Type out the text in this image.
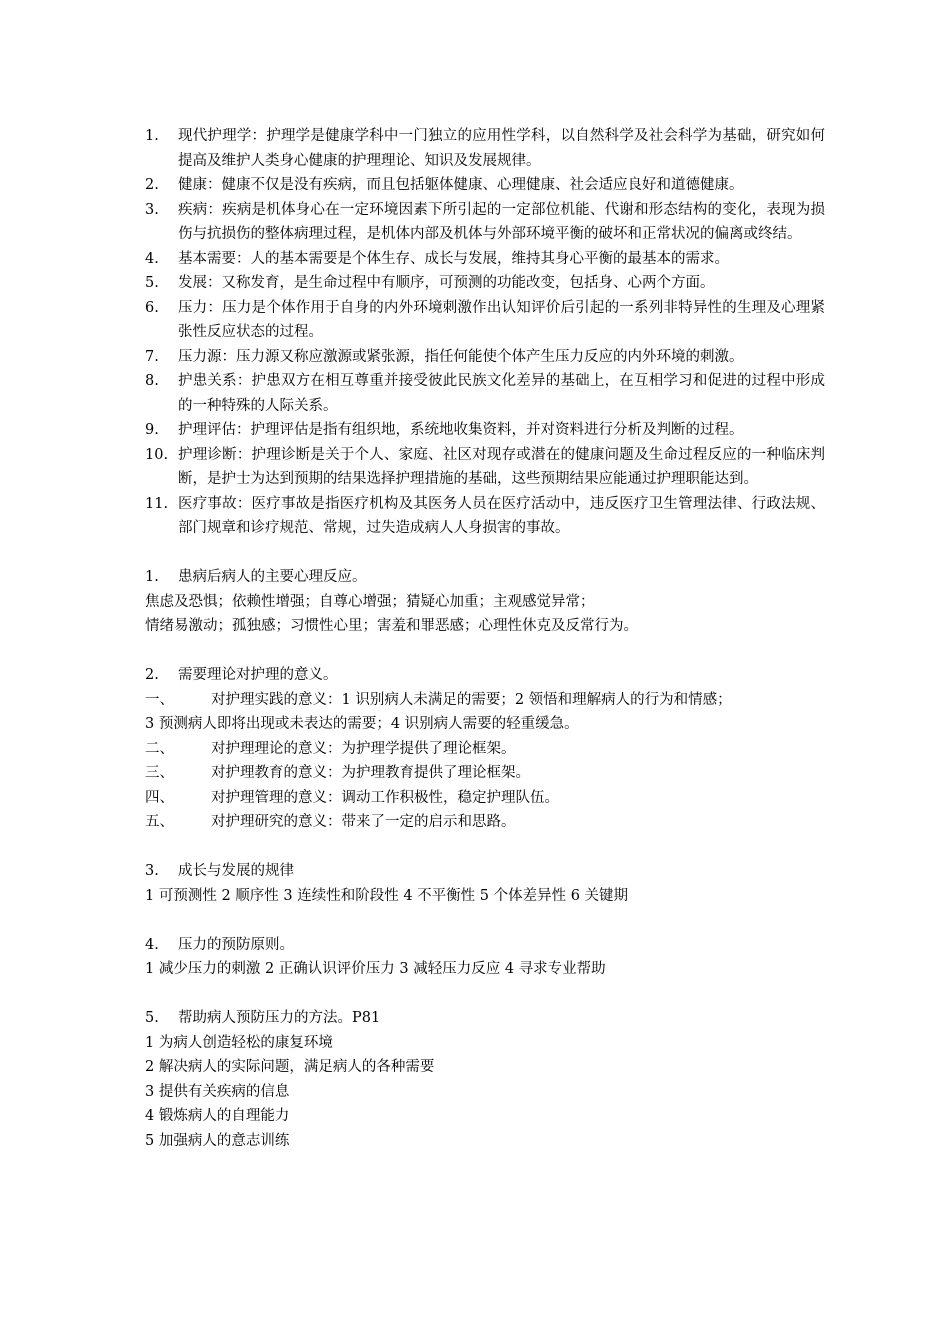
1.	现代护理学：护理学是健康学科中一门独立的应用性学科，以自然科学及社会科学为基础，研究如何提高及维护人类身心健康的护理理论、知识及发展规律。
2.	健康：健康不仅是没有疾病，而且包括躯体健康、心理健康、社会适应良好和道德健康。
3.	疾病：疾病是机体身心在一定环境因素下所引起的一定部位机能、代谢和形态结构的变化，表现为损伤与抗损伤的整体病理过程，是机体内部及机体与外部环境平衡的破坏和正常状况的偏离或终结。
4.	基本需要：人的基本需要是个体生存、成长与发展，维持其身心平衡的最基本的需求。
5.	发展：又称发育，是生命过程中有顺序，可预测的功能改变，包括身、心两个方面。
6.	压力：压力是个体作用于自身的内外环境刺激作出认知评价后引起的一系列非特异性的生理及心理紧张性反应状态的过程。
7.	压力源：压力源又称应激源或紧张源，指任何能使个体产生压力反应的内外环境的刺激。
8.	护患关系：护患双方在相互尊重并接受彼此民族文化差异的基础上，在互相学习和促进的过程中形成的一种特殊的人际关系。
9.	护理评估：护理评估是指有组织地，系统地收集资料，并对资料进行分析及判断的过程。
10. 护理诊断：护理诊断是关于个人、家庭、社区对现存或潜在的健康问题及生命过程反应的一种临床判断，是护士为达到预期的结果选择护理措施的基础，这些预期结果应能通过护理职能达到。
11. 医疗事故：医疗事故是指医疗机构及其医务人员在医疗活动中，违反医疗卫生管理法律、行政法规、部门规章和诊疗规范、常规，过失造成病人人身损害的事故。
1.	患病后病人的主要心理反应。
焦虑及恐惧；依赖性增强；自尊心增强；猜疑心加重；主观感觉异常；
情绪易激动；孤独感；习惯性心里；害羞和罪恶感；心理性休克及反常行为。
2.	需要理论对护理的意义。
一、	对护理实践的意义：1 识别病人未满足的需要；2 领悟和理解病人的行为和情感；
3 预测病人即将出现或未表达的需要；4 识别病人需要的轻重缓急。
二、	对护理理论的意义：为护理学提供了理论框架。
三、	对护理教育的意义：为护理教育提供了理论框架。
四、	对护理管理的意义：调动工作积极性，稳定护理队伍。
五、	对护理研究的意义：带来了一定的启示和思路。
3.	成长与发展的规律
1 可预测性 2 顺序性 3 连续性和阶段性 4 不平衡性 5 个体差异性 6 关键期
4.	压力的预防原则。
1 减少压力的刺激 2 正确认识评价压力 3 减轻压力反应 4 寻求专业帮助
5.	帮助病人预防压力的方法。P81
1 为病人创造轻松的康复环境
2 解决病人的实际问题，满足病人的各种需要
3 提供有关疾病的信息
4 锻炼病人的自理能力
5 加强病人的意志训练
